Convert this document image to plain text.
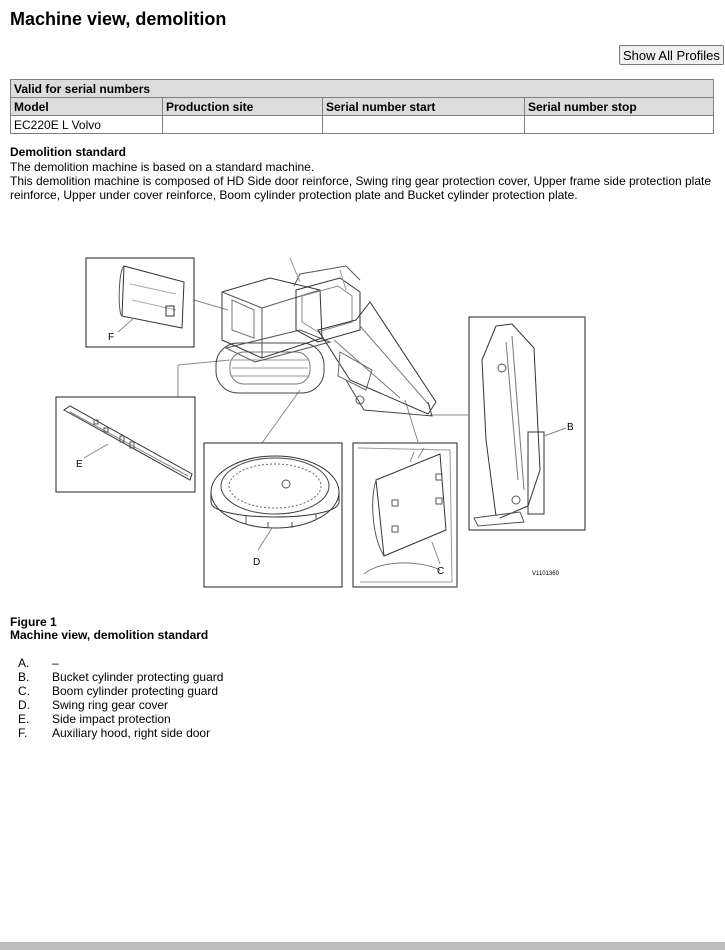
Machine view, demolition
Show All Profiles
Valid for serial numbers			
Model	Production site	Serial number start	Serial number stop
EC220E L Volvo			
Demolition standard

The demolition machine is based on a standard machine.

This demolition machine is composed of HD Side door reinforce, Swing ring gear protection cover, Upper frame side protection plate reinforce, Upper under cover reinforce, Boom cylinder protection plate and Bucket cylinder protection plate.

F
E
D
C
B
V1101360
Figure 1
Machine view, demolition standard
A.	–
B.	Bucket cylinder protecting guard
C.	Boom cylinder protecting guard
D.	Swing ring gear cover
E.	Side impact protection
F.	Auxiliary hood, right side door
